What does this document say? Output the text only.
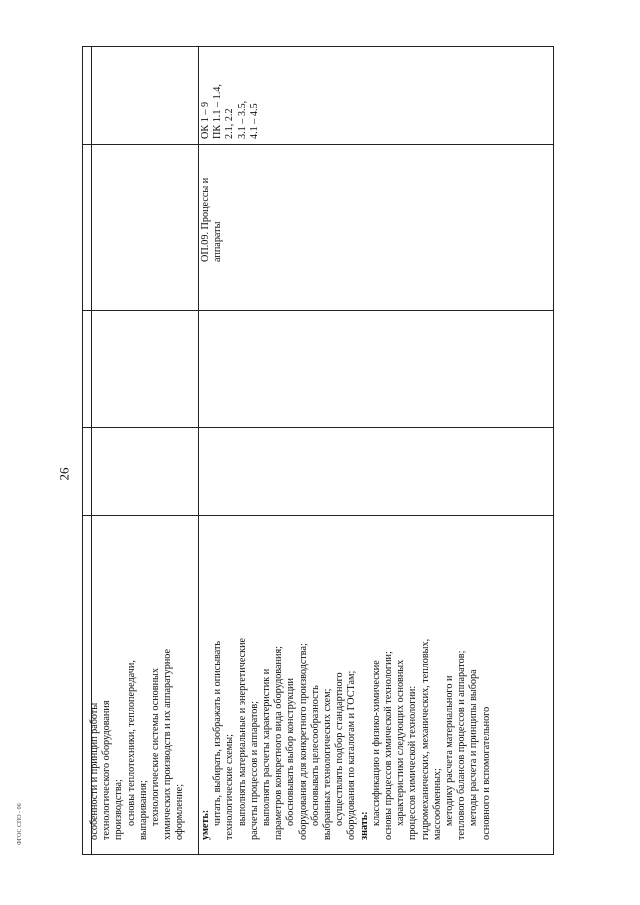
26
ФГОС СПО - 06	особенности и принцип работы технологического оборудования производства; основы теплотехники, теплопередачи, выпаривания; технологические системы основных химических производств и их аппаратурное оформление; уметь: читать, выбирать, изображать и описывать технологические схемы; выполнять материальные и энергетические расчеты процессов и аппаратов; выполнять расчеты характеристик и параметров конкретного вида оборудования; обосновывать выбор конструкции оборудования для конкретного производства; обосновывать целесообразность выбранных технологических схем; осуществлять подбор стандартного оборудования по каталогам и ГОСТам; знать: классификацию и физико-химические основы процессов химической технологии; характеристики следующих основных процессов химической технологии: гидромеханических, механических, тепловых, массообменных; методику расчета материального и теплового балансов процессов и аппаратов; методы расчета и принципы выбора основного и вспомогательного
ОП.09. Процессы и аппараты
ОК 1 – 9 ПК 1.1 – 1.4, 2.1, 2.2 3.1 – 3.5, 4.1 – 4.5
